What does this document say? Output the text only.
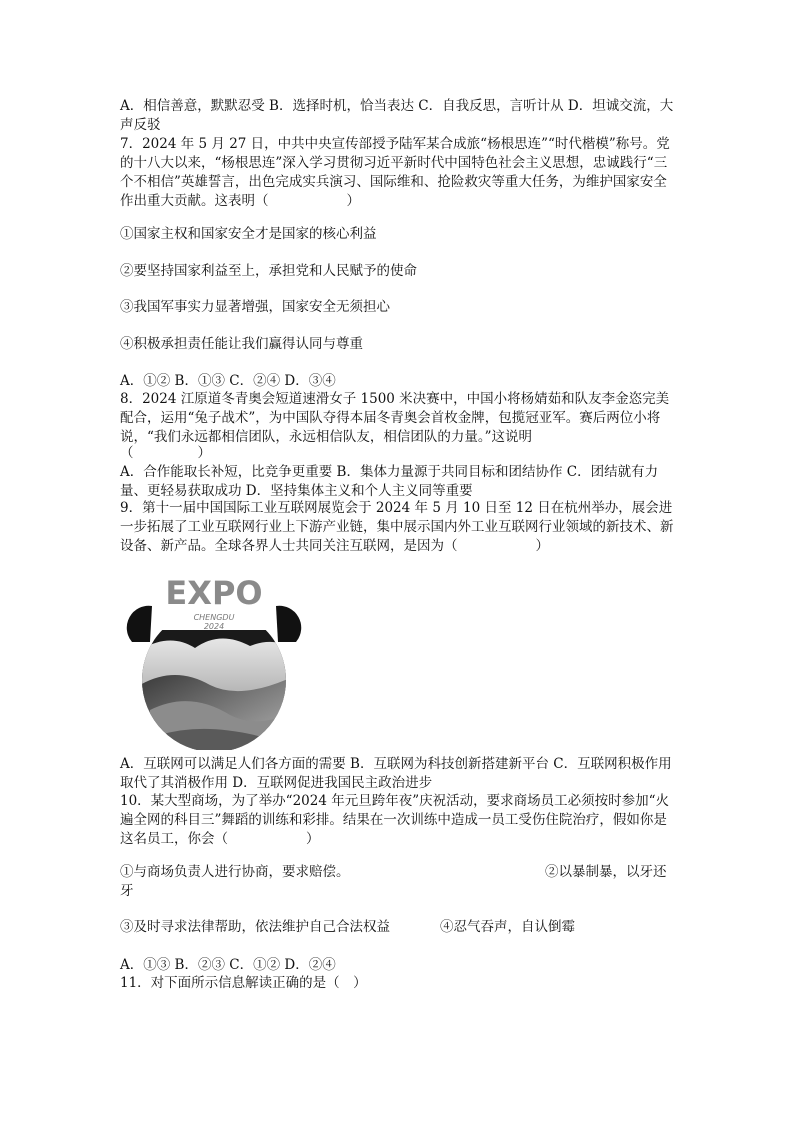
A．相信善意，默默忍受 B．选择时机，恰当表达 C．自我反思，言听计从 D．坦诚交流，大声反驳

7．2024 年 5 月 27 日，中共中央宣传部授予陆军某合成旅“杨根思连”“时代楷模”称号。党的十八大以来，“杨根思连”深入学习贯彻习近平新时代中国特色社会主义思想，忠诚践行“三个不相信”英雄誓言，出色完成实兵演习、国际维和、抢险救灾等重大任务，为维护国家安全作出重大贡献。这表明（	）

①国家主权和国家安全才是国家的核心利益

②要坚持国家利益至上，承担党和人民赋予的使命

③我国军事实力显著增强，国家安全无须担心

④积极承担责任能让我们赢得认同与尊重

A．①② B．①③ C．②④ D．③④

8．2024 江原道冬青奥会短道速滑女子 1500 米决赛中，中国小将杨婧茹和队友李金恣完美配合，运用“兔子战术”，为中国队夺得本届冬青奥会首枚金牌，包揽冠亚军。赛后两位小将说，“我们永远都相信团队，永远相信队友，相信团队的力量。”这说明

（	）

A．合作能取长补短，比竞争更重要 B．集体力量源于共同目标和团结协作 C．团结就有力量、更轻易获取成功 D．坚持集体主义和个人主义同等重要

9．第十一届中国国际工业互联网展览会于 2024 年 5 月 10 日至 12 日在杭州举办，展会进一步拓展了工业互联网行业上下游产业链，集中展示国内外工业互联网行业领域的新技术、新设备、新产品。全球各界人士共同关注互联网，是因为（	）

EXPO
CHENGDU
2024

A．互联网可以满足人们各方面的需要 B．互联网为科技创新搭建新平台 C．互联网积极作用取代了其消极作用 D．互联网促进我国民主政治进步

10．某大型商场，为了举办“2024 年元旦跨年夜”庆祝活动，要求商场员工必须按时参加“火遍全网的科目三”舞蹈的训练和彩排。结果在一次训练中造成一员工受伤住院治疗，假如你是这名员工，你会（	）

①与商场负责人进行协商，要求赔偿。	②以暴制暴，以牙还
牙
③及时寻求法律帮助，依法维护自己合法权益	④忍气吞声，自认倒霉

A．①③ B．②③ C．①② D．②④

11．对下面所示信息解读正确的是（　）
